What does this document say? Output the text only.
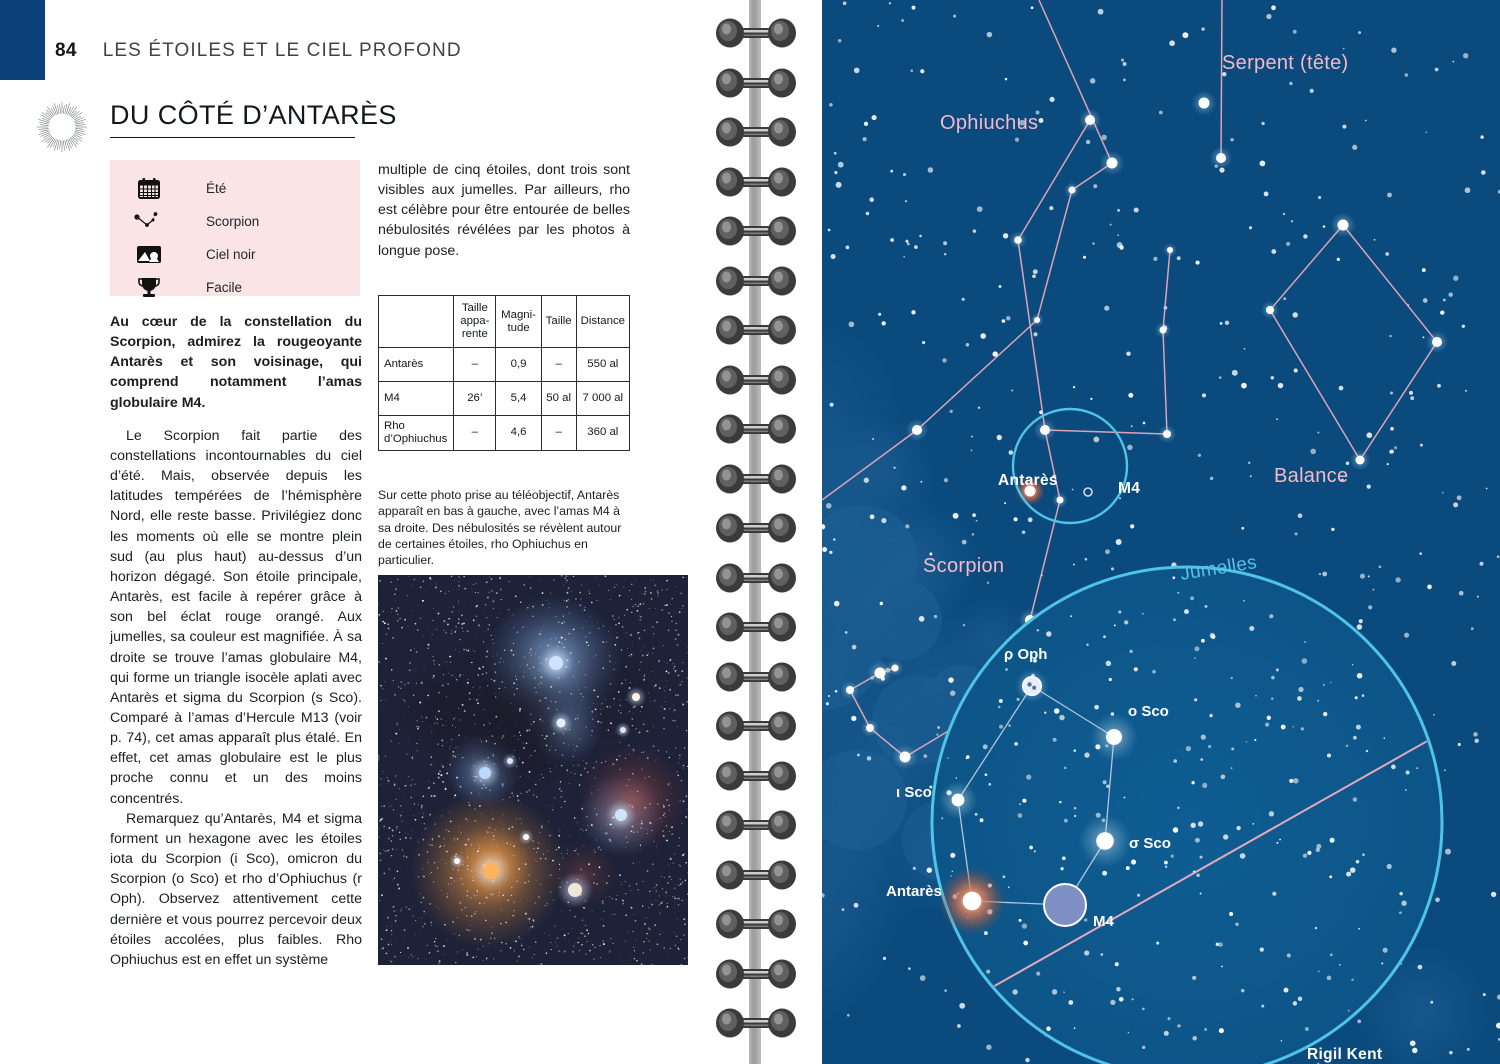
84 LES ÉTOILES ET LE CIEL PROFOND
DU CÔTÉ D’ANTARÈS
Été
Scorpion
Ciel noir
Facile

Au cœur de la constellation du Scorpion, admirez la rougeoyante Antarès et son voisinage, qui comprend notamment l’amas globulaire M4.

Le Scorpion fait partie des constellations incontournables du ciel d’été. Mais, observée depuis les latitudes tempérées de l’hémisphère Nord, elle reste basse. Privilégiez donc les moments où elle se montre plein sud (au plus haut) au-dessus d’un horizon dégagé. Son étoile principale, Antarès, est facile à repérer grâce à son bel éclat rouge orangé. Aux jumelles, sa couleur est magnifiée. À sa droite se trouve l’amas globulaire M4, qui forme un triangle isocèle aplati avec Antarès et sigma du Scorpion (s Sco). Comparé à l’amas d’Hercule M13 (voir p. 74), cet amas apparaît plus étalé. En effet, cet amas globulaire est le plus proche connu et un des moins concentrés.

Remarquez qu’Antarès, M4 et sigma forment un hexagone avec les étoiles iota du Scorpion (i Sco), omicron du Scorpion (o Sco) et rho d’Ophiuchus (r Oph). Observez attentivement cette dernière et vous pourrez percevoir deux étoiles accolées, plus faibles. Rho Ophiuchus est en effet un système

multiple de cinq étoiles, dont trois sont visibles aux jumelles. Par ailleurs, rho est célèbre pour être entourée de belles nébulosités révélées par les photos à longue pose.

	Taille apparente	Magnitude	Taille	Distance
Antarès	–	0,9	–	550 al
M4	26’	5,4	50 al	7 000 al
Rho d’Ophiuchus	–	4,6	–	360 al
Sur cette photo prise au téléobjectif, Antarès apparaît en bas à gauche, avec l’amas M4 à sa droite. Des nébulosités se révèlent autour de certaines étoiles, rho Ophiuchus en particulier.
ρ Oph
o Sco
ι Sco
σ Sco
Antarès
M4
Serpent (tête)
Ophiuchus
Balance
Scorpion
Antarès	M4
Jumelles
Rigil Kent
